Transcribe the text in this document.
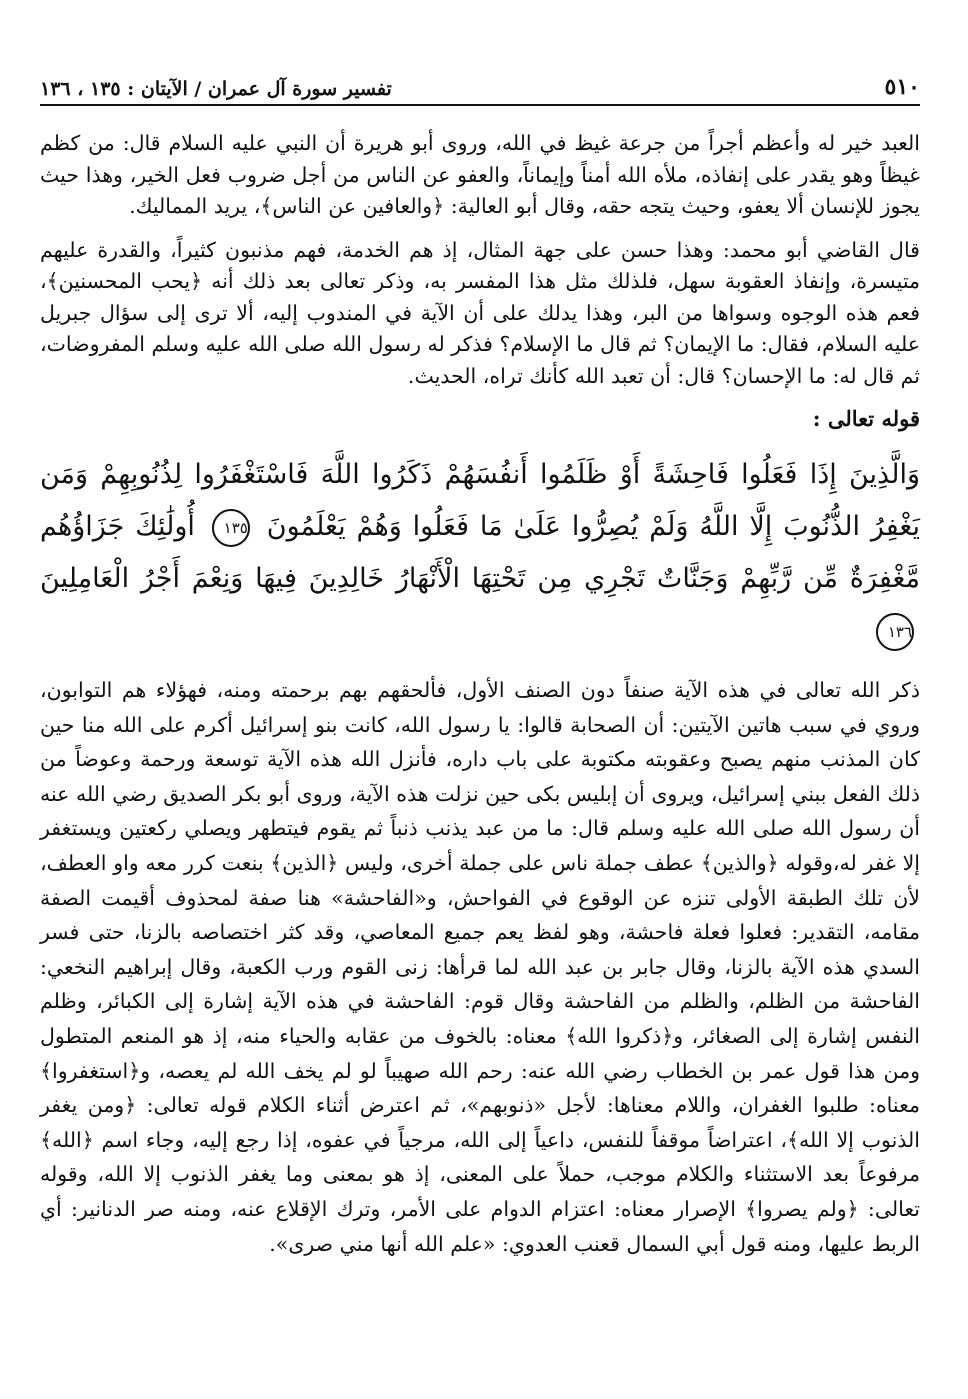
٥١٠
تفسير سورة آل عمران / الآيتان : ١٣٥ ، ١٣٦

العبد خير له وأعظم أجراً من جرعة غيظ في الله، وروى أبو هريرة أن النبي عليه السلام قال: من كظم غيظاً وهو يقدر على إنفاذه، ملأه الله أمناً وإيماناً، والعفو عن الناس من أجل ضروب فعل الخير، وهذا حيث يجوز للإنسان ألا يعفو، وحيث يتجه حقه، وقال أبو العالية: ﴿والعافين عن الناس﴾، يريد المماليك.

قال القاضي أبو محمد: وهذا حسن على جهة المثال، إذ هم الخدمة، فهم مذنبون كثيراً، والقدرة عليهم متيسرة، وإنفاذ العقوبة سهل، فلذلك مثل هذا المفسر به، وذكر تعالى بعد ذلك أنه ﴿يحب المحسنين﴾، فعم هذه الوجوه وسواها من البر، وهذا يدلك على أن الآية في المندوب إليه، ألا ترى إلى سؤال جبريل عليه السلام، فقال: ما الإيمان؟ ثم قال ما الإسلام؟ فذكر له رسول الله صلى الله عليه وسلم المفروضات، ثم قال له: ما الإحسان؟ قال: أن تعبد الله كأنك تراه، الحديث.

قوله تعالى :
وَالَّذِينَ إِذَا فَعَلُوا فَاحِشَةً أَوْ ظَلَمُوا أَنفُسَهُمْ ذَكَرُوا اللَّهَ فَاسْتَغْفَرُوا لِذُنُوبِهِمْ وَمَن يَغْفِرُ الذُّنُوبَ إِلَّا اللَّهُ وَلَمْ يُصِرُّوا عَلَىٰ مَا فَعَلُوا وَهُمْ يَعْلَمُونَ ١٣٥ أُولَٰئِكَ جَزَاؤُهُم مَّغْفِرَةٌ مِّن رَّبِّهِمْ وَجَنَّاتٌ تَجْرِي مِن تَحْتِهَا الْأَنْهَارُ خَالِدِينَ فِيهَا وَنِعْمَ أَجْرُ الْعَامِلِينَ ١٣٦

ذكر الله تعالى في هذه الآية صنفاً دون الصنف الأول، فألحقهم بهم برحمته ومنه، فهؤلاء هم التوابون، وروي في سبب هاتين الآيتين: أن الصحابة قالوا: يا رسول الله، كانت بنو إسرائيل أكرم على الله منا حين كان المذنب منهم يصبح وعقوبته مكتوبة على باب داره، فأنزل الله هذه الآية توسعة ورحمة وعوضاً من ذلك الفعل ببني إسرائيل، ويروى أن إبليس بكى حين نزلت هذه الآية، وروى أبو بكر الصديق رضي الله عنه أن رسول الله صلى الله عليه وسلم قال: ما من عبد يذنب ذنباً ثم يقوم فيتطهر ويصلي ركعتين ويستغفر إلا غفر له،وقوله ﴿والذين﴾ عطف جملة ناس على جملة أخرى، وليس ﴿الذين﴾ بنعت كرر معه واو العطف، لأن تلك الطبقة الأولى تنزه عن الوقوع في الفواحش، و«الفاحشة» هنا صفة لمحذوف أقيمت الصفة مقامه، التقدير: فعلوا فعلة فاحشة، وهو لفظ يعم جميع المعاصي، وقد كثر اختصاصه بالزنا، حتى فسر السدي هذه الآية بالزنا، وقال جابر بن عبد الله لما قرأها: زنى القوم ورب الكعبة، وقال إبراهيم النخعي: الفاحشة من الظلم، والظلم من الفاحشة وقال قوم: الفاحشة في هذه الآية إشارة إلى الكبائر، وظلم النفس إشارة إلى الصغائر، و﴿ذكروا الله﴾ معناه: بالخوف من عقابه والحياء منه، إذ هو المنعم المتطول ومن هذا قول عمر بن الخطاب رضي الله عنه: رحم الله صهيباً لو لم يخف الله لم يعصه، و﴿استغفروا﴾ معناه: طلبوا الغفران، واللام معناها: لأجل «ذنوبهم»، ثم اعترض أثناء الكلام قوله تعالى: ﴿ومن يغفر الذنوب إلا الله﴾، اعتراضاً موقفاً للنفس، داعياً إلى الله، مرجياً في عفوه، إذا رجع إليه، وجاء اسم ﴿الله﴾ مرفوعاً بعد الاستثناء والكلام موجب، حملاً على المعنى، إذ هو بمعنى وما يغفر الذنوب إلا الله، وقوله تعالى: ﴿ولم يصروا﴾ الإصرار معناه: اعتزام الدوام على الأمر، وترك الإقلاع عنه، ومنه صر الدنانير: أي الربط عليها، ومنه قول أبي السمال قعنب العدوي: «علم الله أنها مني صرى».
